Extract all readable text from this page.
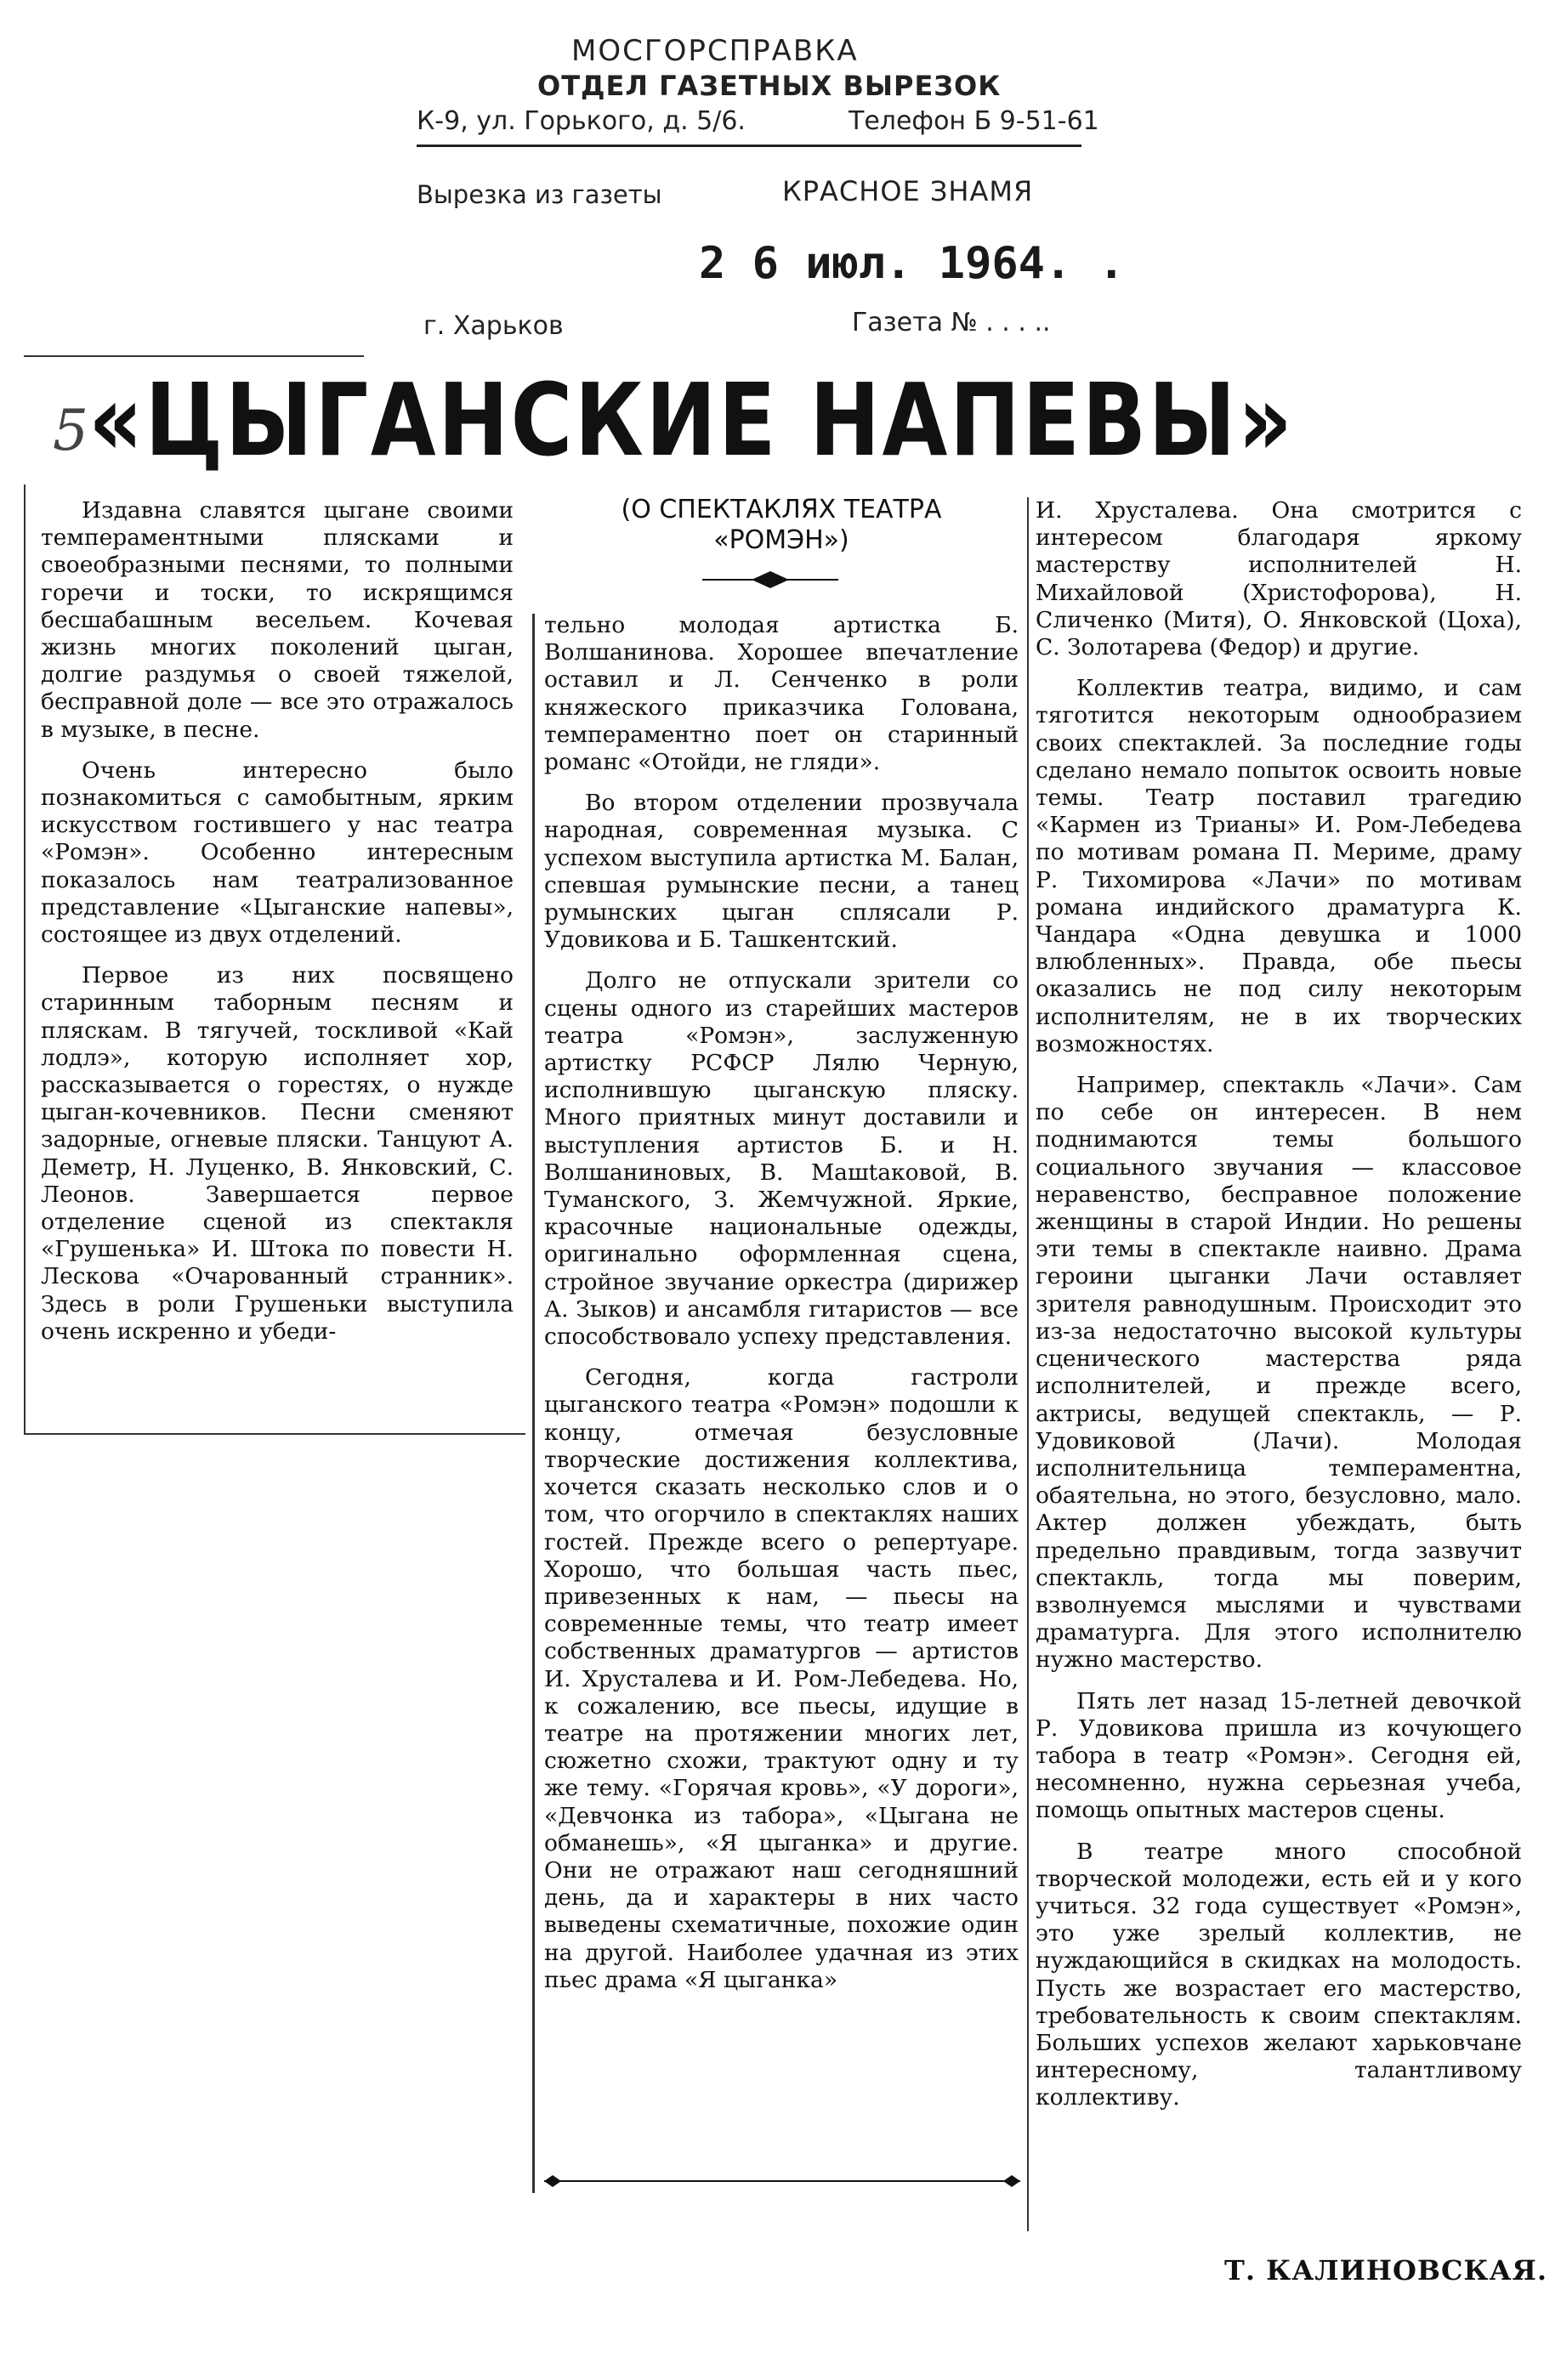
МОСГОРСПРАВКА
ОТДЕЛ ГАЗЕТНЫХ ВЫРЕЗОК
К-9, ул. Горького, д. 5/6.	Телефон Б 9-51-61
Вырезка из газеты	КРАСНОЕ ЗНАМЯ
2 6 июл. 1964. .
г. Харьков	Газета № . . . ..
5 «ЦЫГАНСКИЕ НАПЕВЫ»
(О СПЕКТАКЛЯХ ТЕАТРА
«РОМЭН»)

Издавна славятся цыгане своими темпераментными плясками и своеобразными песнями, то полными горечи и тоски, то искрящимся бесшабашным весельем. Кочевая жизнь многих поколений цыган, долгие раздумья о своей тяжелой, бесправной доле — все это отражалось в музыке, в песне.

Очень интересно было познакомиться с самобытным, ярким искусством гостившего у нас театра «Ромэн». Особенно интересным показалось нам театрализованное представление «Цыганские напевы», состоящее из двух отделений.

Первое из них посвящено старинным таборным песням и пляскам. В тягучей, тоскливой «Кай лодлэ», которую исполняет хор, рассказывается о горестях, о нужде цыган-кочевников. Песни сменяют задорные, огневые пляски. Танцуют А. Деметр, Н. Луценко, В. Янковский, С. Леонов. Завершается первое отделение сценой из спектакля «Грушенька» И. Штока по повести Н. Лескова «Очарованный странник». Здесь в роли Грушеньки выступила очень искренно и убеди-

тельно молодая артистка Б. Волшанинова. Хорошее впечатление оставил и Л. Сенченко в роли княжеского приказчика Голована, темпераментно поет он старинный романс «Отойди, не гляди».

Во втором отделении прозвучала народная, современная музыка. С успехом выступила артистка М. Балан, спевшая румынские песни, а танец румынских цыган сплясали Р. Удовикова и Б. Ташкентский.

Долго не отпускали зрители со сцены одного из старейших мастеров театра «Ромэн», заслуженную артистку РСФСР Лялю Черную, исполнившую цыганскую пляску. Много приятных минут доставили и выступления артистов Б. и Н. Волшаниновых, В. Машtаковой, В. Туманского, З. Жемчужной. Яркие, красочные национальные одежды, оригинально оформленная сцена, стройное звучание оркестра (дирижер А. Зыков) и ансамбля гитаристов — все способствовало успеху представления.

Сегодня, когда гастроли цыганского театра «Ромэн» подошли к концу, отмечая безусловные творческие достижения коллектива, хочется сказать несколько слов и о том, что огорчило в спектаклях наших гостей. Прежде всего о репертуаре. Хорошо, что большая часть пьес, привезенных к нам, — пьесы на современные темы, что театр имеет собственных драматургов — артистов И. Хрусталева и И. Ром-Лебедева. Но, к сожалению, все пьесы, идущие в театре на протяжении многих лет, сюжетно схожи, трактуют одну и ту же тему. «Горячая кровь», «У дороги», «Девчонка из табора», «Цыгана не обманешь», «Я цыганка» и другие. Они не отражают наш сегодняшний день, да и характеры в них часто выведены схематичные, похожие один на другой. Наиболее удачная из этих пьес драма «Я цыганка»

И. Хрусталева. Она смотрится с интересом благодаря яркому мастерству исполнителей Н. Михайловой (Христофорова), Н. Сличенко (Митя), О. Янковской (Цоха), С. Золотарева (Федор) и другие.

Коллектив театра, видимо, и сам тяготится некоторым однообразием своих спектаклей. За последние годы сделано немало попыток освоить новые темы. Театр поставил трагедию «Кармен из Трианы» И. Ром-Лебедева по мотивам романа П. Мериме, драму Р. Тихомирова «Лачи» по мотивам романа индийского драматурга К. Чандара «Одна девушка и 1000 влюбленных». Правда, обе пьесы оказались не под силу некоторым исполнителям, не в их творческих возможностях.

Например, спектакль «Лачи». Сам по себе он интересен. В нем поднимаются темы большого социального звучания — классовое неравенство, бесправное положение женщины в старой Индии. Но решены эти темы в спектакле наивно. Драма героини цыганки Лачи оставляет зрителя равнодушным. Происходит это из-за недостаточно высокой культуры сценического мастерства ряда исполнителей, и прежде всего, актрисы, ведущей спектакль, — Р. Удовиковой (Лачи). Молодая исполнительница темпераментна, обаятельна, но этого, безусловно, мало. Актер должен убеждать, быть предельно правдивым, тогда зазвучит спектакль, тогда мы поверим, взволнуемся мыслями и чувствами драматурга. Для этого исполнителю нужно мастерство.

Пять лет назад 15-летней девочкой Р. Удовикова пришла из кочующего табора в театр «Ромэн». Сегодня ей, несомненно, нужна серьезная учеба, помощь опытных мастеров сцены.

В театре много способной творческой молодежи, есть ей и у кого учиться. 32 года существует «Ромэн», это уже зрелый коллектив, не нуждающийся в скидках на молодость. Пусть же возрастает его мастерство, требовательность к своим спектаклям. Больших успехов желают харьковчане интересному, талантливому коллективу.

Т. КАЛИНОВСКАЯ.
